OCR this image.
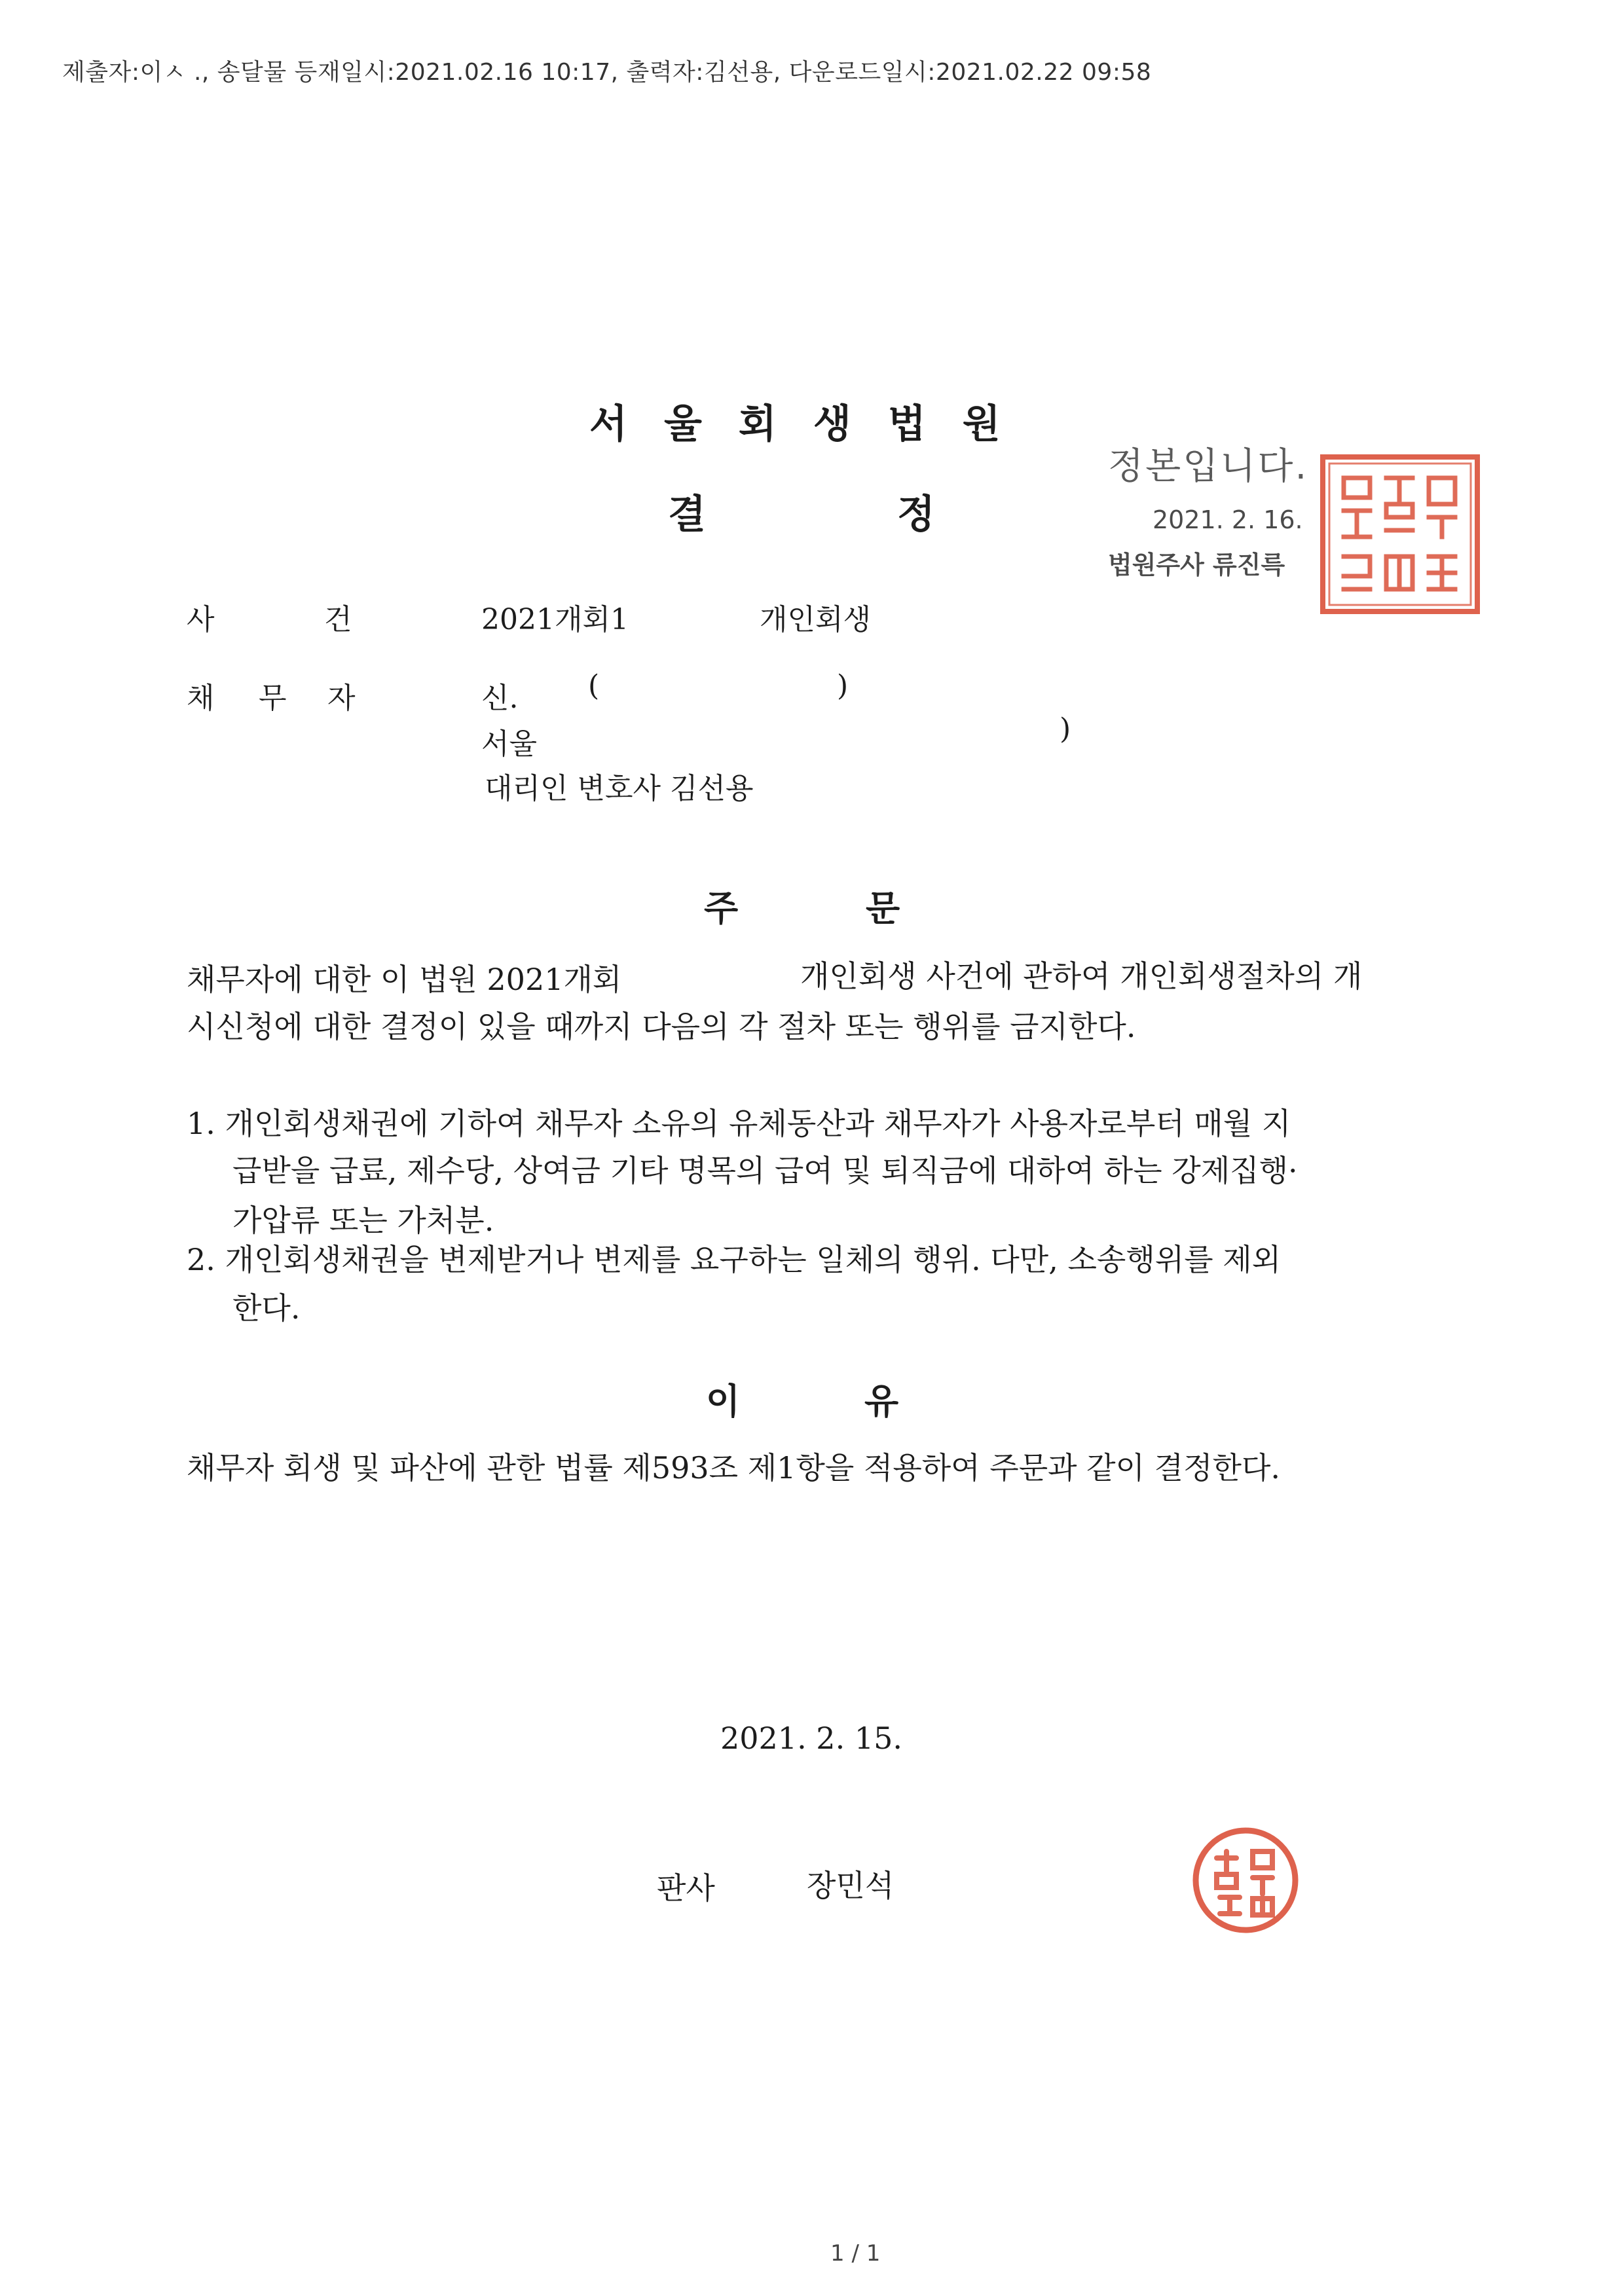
제출자:이ㅅ ., 송달물 등재일시:2021.02.16 10:17, 출력자:김선용, 다운로드일시:2021.02.22 09:58
서울회생법원
결	정
정본입니다.
2021. 2. 16.
법원주사 류진륵
사	건	2021개회1	개인회생
채 무 자	신. (	)
서울	)
대리인 변호사 김선용
주	문
채무자에 대한 이 법원 2021개회	개인회생 사건에 관하여 개인회생절차의 개
시신청에 대한 결정이 있을 때까지 다음의 각 절차 또는 행위를 금지한다.
1. 개인회생채권에 기하여 채무자 소유의 유체동산과 채무자가 사용자로부터 매월 지
급받을 급료, 제수당, 상여금 기타 명목의 급여 및 퇴직금에 대하여 하는 강제집행·
가압류 또는 가처분.
2. 개인회생채권을 변제받거나 변제를 요구하는 일체의 행위. 다만, 소송행위를 제외
한다.
이	유
채무자 회생 및 파산에 관한 법률 제593조 제1항을 적용하여 주문과 같이 결정한다.
2021. 2. 15.
판사	장민석
1 / 1
